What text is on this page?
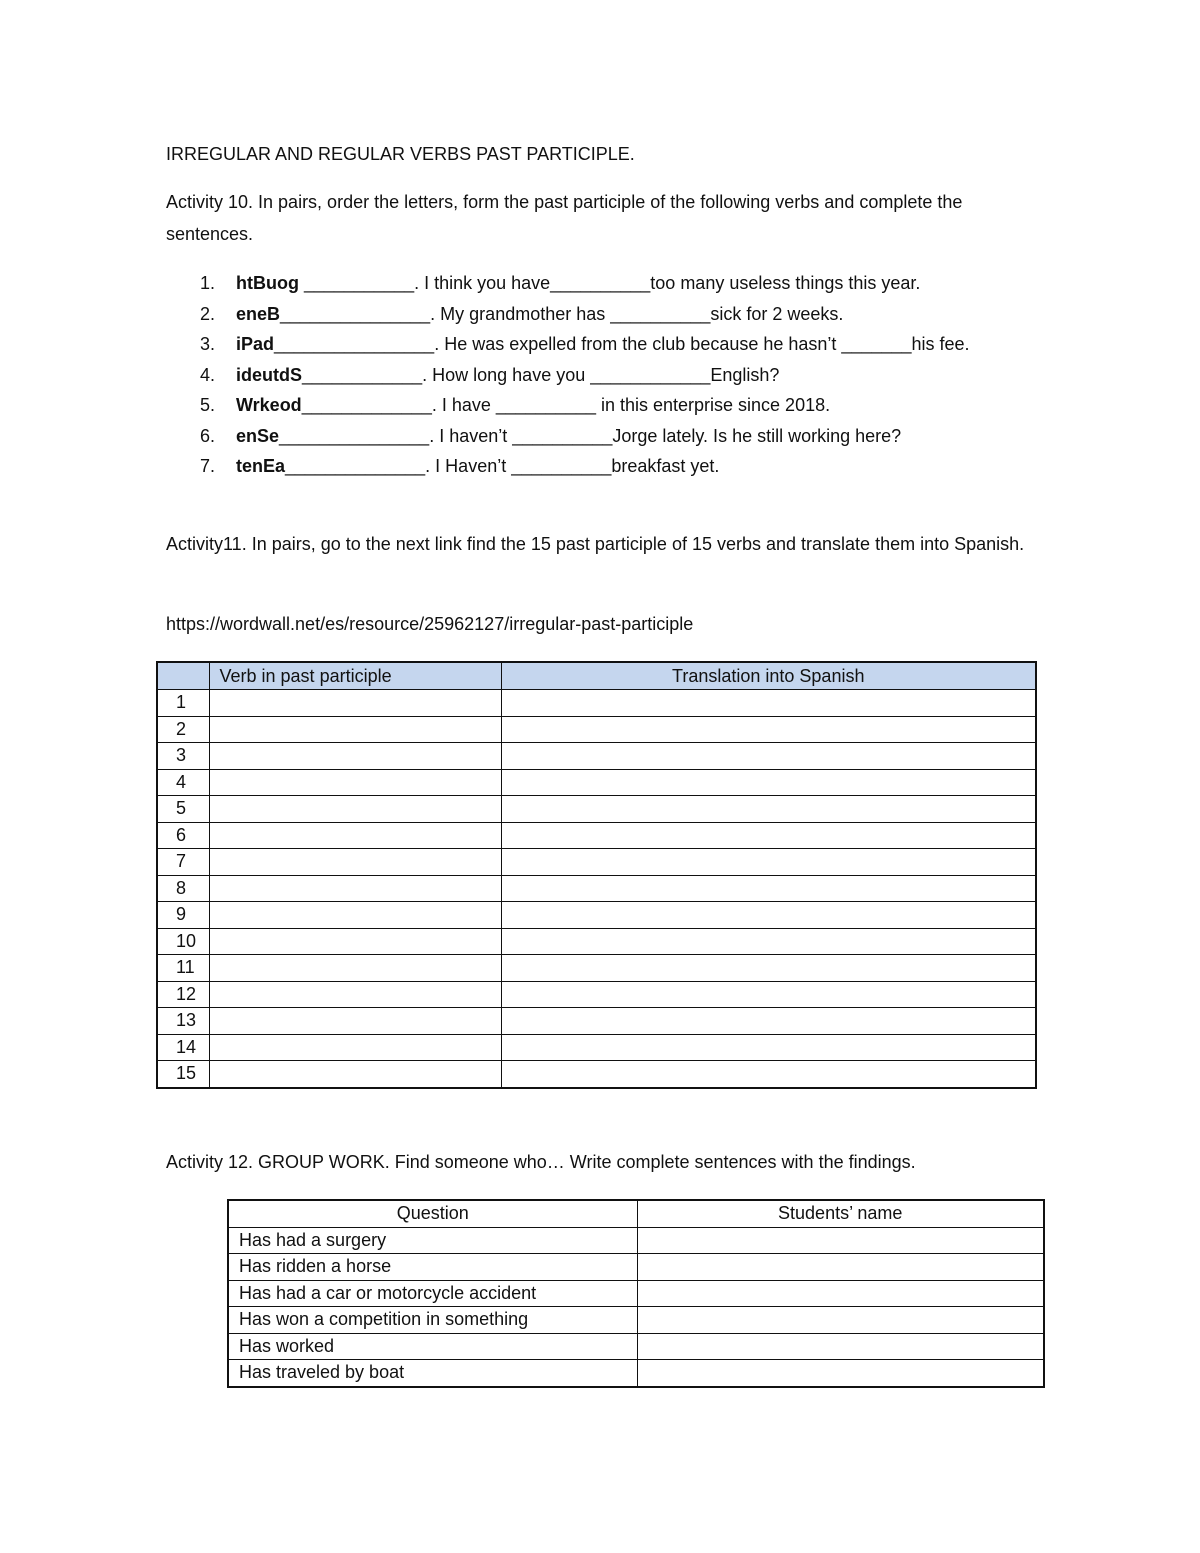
IRREGULAR AND REGULAR VERBS PAST PARTICIPLE.

Activity 10. In pairs, order the letters, form the past participle of the following verbs and complete the sentences.

1. htBuog ___________. I think you have__________too many useless things this year.
2. eneB_______________. My grandmother has __________sick for 2 weeks.
3. iPad________________. He was expelled from the club because he hasn’t _______his fee.
4. ideutdS____________. How long have you ____________English?
5. Wrkeod_____________. I have __________ in this enterprise since 2018.
6. enSe_______________. I haven’t __________Jorge lately. Is he still working here?
7. tenEa______________. I Haven’t __________breakfast yet.

Activity11. In pairs, go to the next link find the 15 past participle of 15 verbs and translate them into Spanish.

https://wordwall.net/es/resource/25962127/irregular-past-participle

	Verb in past participle	Translation into Spanish
1		
2		
3		
4		
5		
6		
7		
8		
9		
10		
11		
12		
13		
14		
15		

Activity 12. GROUP WORK. Find someone who… Write complete sentences with the findings.

Question	Students’ name
Has had a surgery	
Has ridden a horse	
Has had a car or motorcycle accident	
Has won a competition in something	
Has worked	
Has traveled by boat	
